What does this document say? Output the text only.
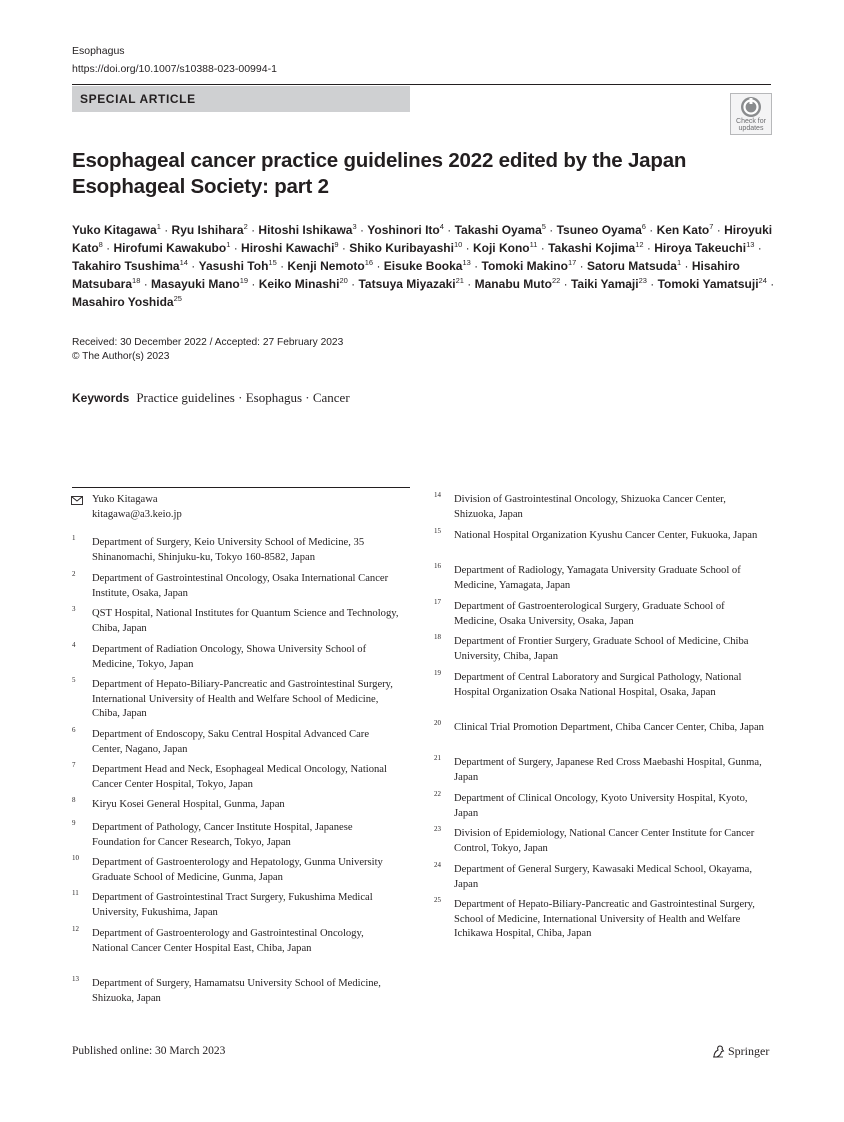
Esophagus
https://doi.org/10.1007/s10388-023-00994-1
SPECIAL ARTICLE
Check for
updates
Esophageal cancer practice guidelines 2022 edited by the Japan Esophageal Society: part 2
Yuko Kitagawa$^1$ · Ryu Ishihara$^2$ · Hitoshi Ishikawa$^3$ · Yoshinori Ito$^4$ · Takashi Oyama$^5$ · Tsuneo Oyama$^6$ · Ken Kato$^7$ · Hiroyuki Kato$^8$ · Hirofumi Kawakubo$^1$ · Hiroshi Kawachi$^9$ · Shiko Kuribayashi$^{10}$ · Koji Kono$^{11}$ · Takashi Kojima$^{12}$ · Hiroya Takeuchi$^{13}$ · Takahiro Tsushima$^{14}$ · Yasushi Toh$^{15}$ · Kenji Nemoto$^{16}$ · Eisuke Booka$^{13}$ · Tomoki Makino$^{17}$ · Satoru Matsuda$^1$ · Hisahiro Matsubara$^{18}$ · Masayuki Mano$^{19}$ · Keiko Minashi$^{20}$ · Tatsuya Miyazaki$^{21}$ · Manabu Muto$^{22}$ · Taiki Yamaji$^{23}$ · Tomoki Yamatsuji$^{24}$ · Masahiro Yoshida$^{25}$
Received: 30 December 2022 / Accepted: 27 February 2023
© The Author(s) 2023
Keywords Practice guidelines · Esophagus · Cancer
Yuko Kitagawa
kitagawa@a3.keio.jp
1 Department of Surgery, Keio University School of Medicine, 35 Shinanomachi, Shinjuku-ku, Tokyo 160-8582, Japan
2 Department of Gastrointestinal Oncology, Osaka International Cancer Institute, Osaka, Japan
3 QST Hospital, National Institutes for Quantum Science and Technology, Chiba, Japan
4 Department of Radiation Oncology, Showa University School of Medicine, Tokyo, Japan
5 Department of Hepato-Biliary-Pancreatic and Gastrointestinal Surgery, International University of Health and Welfare School of Medicine, Chiba, Japan
6 Department of Endoscopy, Saku Central Hospital Advanced Care Center, Nagano, Japan
7 Department Head and Neck, Esophageal Medical Oncology, National Cancer Center Hospital, Tokyo, Japan
8 Kiryu Kosei General Hospital, Gunma, Japan
9 Department of Pathology, Cancer Institute Hospital, Japanese Foundation for Cancer Research, Tokyo, Japan
10 Department of Gastroenterology and Hepatology, Gunma University Graduate School of Medicine, Gunma, Japan
11 Department of Gastrointestinal Tract Surgery, Fukushima Medical University, Fukushima, Japan
12 Department of Gastroenterology and Gastrointestinal Oncology, National Cancer Center Hospital East, Chiba, Japan
13 Department of Surgery, Hamamatsu University School of Medicine, Shizuoka, Japan
14 Division of Gastrointestinal Oncology, Shizuoka Cancer Center, Shizuoka, Japan
15 National Hospital Organization Kyushu Cancer Center, Fukuoka, Japan
16 Department of Radiology, Yamagata University Graduate School of Medicine, Yamagata, Japan
17 Department of Gastroenterological Surgery, Graduate School of Medicine, Osaka University, Osaka, Japan
18 Department of Frontier Surgery, Graduate School of Medicine, Chiba University, Chiba, Japan
19 Department of Central Laboratory and Surgical Pathology, National Hospital Organization Osaka National Hospital, Osaka, Japan
20 Clinical Trial Promotion Department, Chiba Cancer Center, Chiba, Japan
21 Department of Surgery, Japanese Red Cross Maebashi Hospital, Gunma, Japan
22 Department of Clinical Oncology, Kyoto University Hospital, Kyoto, Japan
23 Division of Epidemiology, National Cancer Center Institute for Cancer Control, Tokyo, Japan
24 Department of General Surgery, Kawasaki Medical School, Okayama, Japan
25 Department of Hepato-Biliary-Pancreatic and Gastrointestinal Surgery, School of Medicine, International University of Health and Welfare Ichikawa Hospital, Chiba, Japan
Published online: 30 March 2023	Springer
